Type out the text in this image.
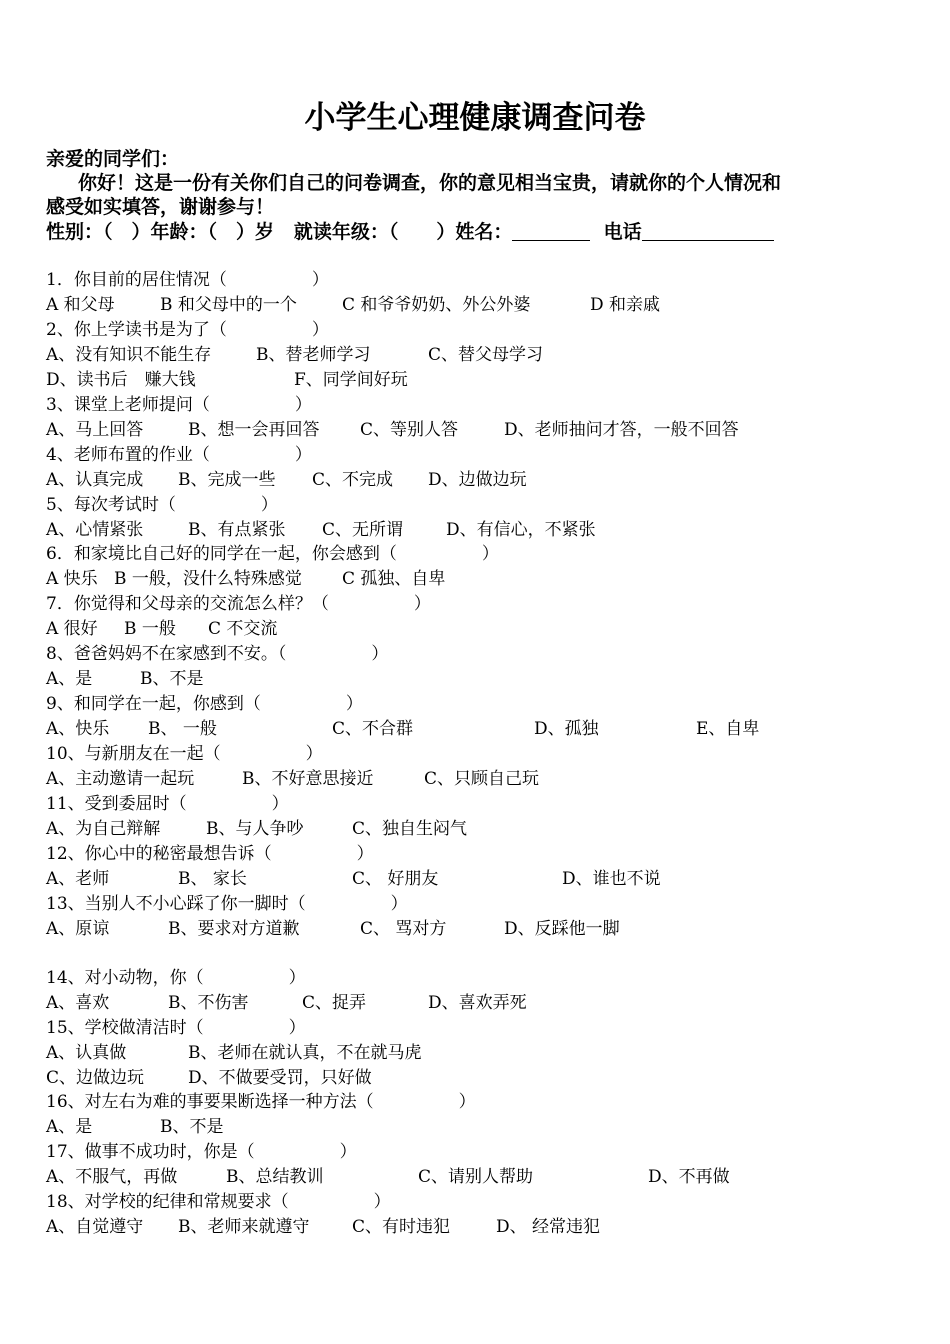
小学生心理健康调查问卷
亲爱的同学们：
你好！这是一份有关你们自己的问卷调查，你的意见相当宝贵，请就你的个人情况和
感受如实填答，谢谢参与！
性别：（　）年龄：（　）岁 就读年级：（　　）姓名：	电话
1．你目前的居住情况（　　　　　）
A 和父母	B 和父母中的一个	C 和爷爷奶奶、外公外婆	D 和亲戚
2、你上学读书是为了（　　　　　）
A、没有知识不能生存	B、替老师学习	C、替父母学习
D、读书后　赚大钱	F、同学间好玩
3、课堂上老师提问（　　　　　）
A、马上回答	B、想一会再回答 C、等别人答	D、老师抽问才答，一般不回答
4、老师布置的作业（　　　　　）
A、认真完成 B、完成一些 C、不完成 D、边做边玩
5、每次考试时（　　　　　）
A、心情紧张	B、有点紧张 C、无所谓	D、有信心，不紧张
6．和家境比自己好的同学在一起，你会感到（　　　　　）
A 快乐 B 一般，没什么特殊感觉 C 孤独、自卑
7．你觉得和父母亲的交流怎么样？（　　　　　）
A 很好 B 一般 C 不交流
8、爸爸妈妈不在家感到不安。（　　　　　）
A、是	B、不是
9、和同学在一起，你感到（　　　　　）
A、快乐 B、 一般	C、不合群	D、孤独	E、自卑
10、与新朋友在一起（　　　　　）
A、主动邀请一起玩	B、不好意思接近	C、只顾自己玩
11、受到委屈时（　　　　　）
A、为自己辩解	B、与人争吵	C、独自生闷气
12、你心中的秘密最想告诉（　　　　　）
A、老师	B、 家长	C、 好朋友	D、谁也不说
13、当别人不小心踩了你一脚时（　　　　　）
A、原谅	B、要求对方道歉	C、 骂对方	D、反踩他一脚
14、对小动物，你（　　　　　）
A、喜欢	B、不伤害	C、捉弄	D、喜欢弄死
15、学校做清洁时（　　　　　）
A、认真做	B、老师在就认真，不在就马虎
C、边做边玩	D、不做要受罚，只好做
16、对左右为难的事要果断选择一种方法（　　　　　）
A、是	B、不是
17、做事不成功时，你是（　　　　　）
A、不服气，再做	B、总结教训	C、请别人帮助	D、不再做
18、对学校的纪律和常规要求（　　　　　）
A、自觉遵守 B、老师来就遵守	C、有时违犯	D、 经常违犯
